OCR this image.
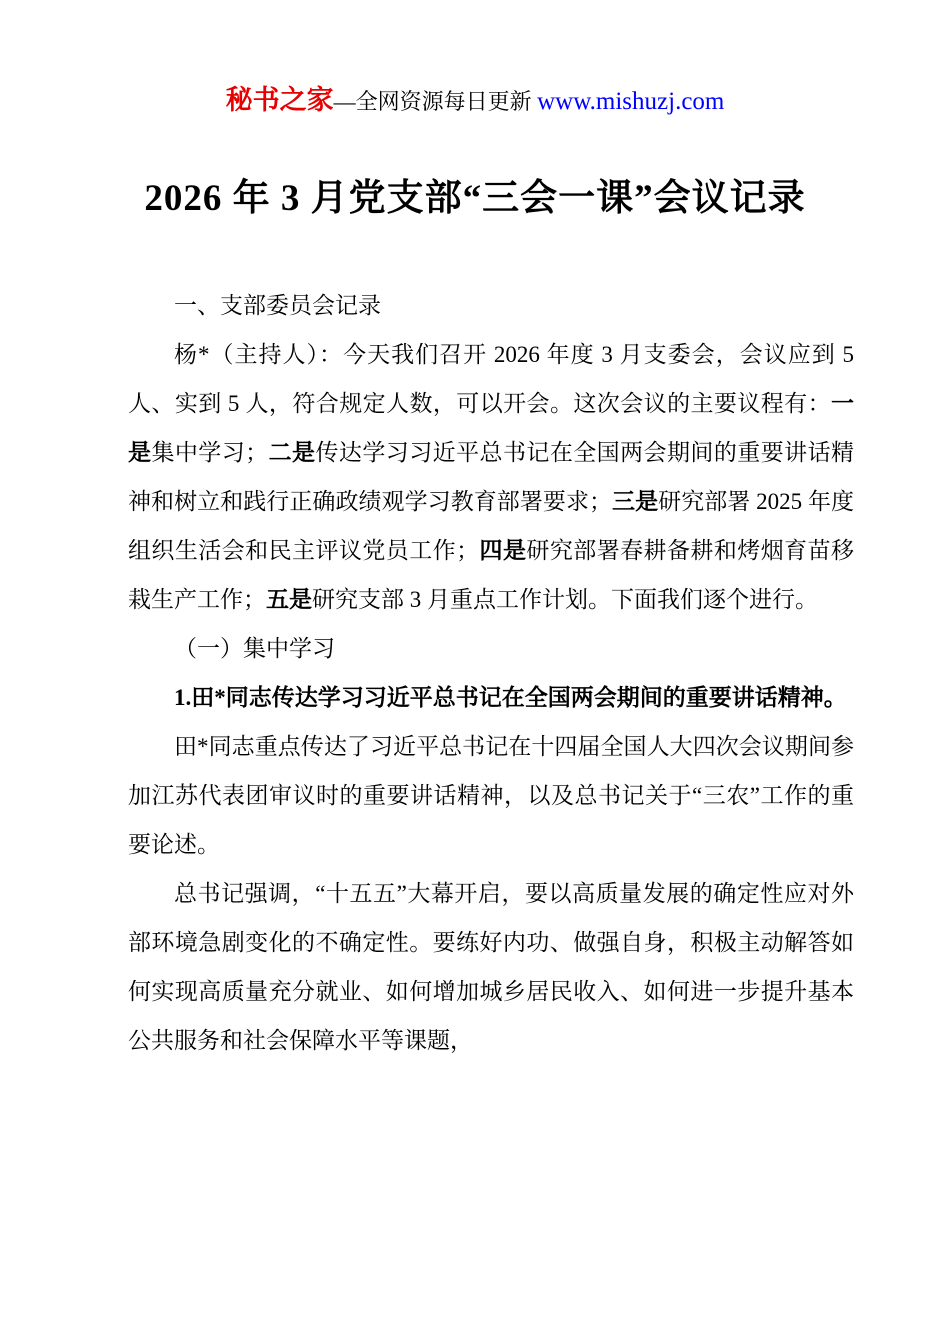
秘书之家—全网资源每日更新 www.mishuzj.com
2026 年 3 月党支部“三会一课”会议记录

一、支部委员会记录

杨*（主持人）：今天我们召开 2026 年度 3 月支委会，会议应到 5 人、实到 5 人，符合规定人数，可以开会。这次会议的主要议程有：一是集中学习；二是传达学习习近平总书记在全国两会期间的重要讲话精神和树立和践行正确政绩观学习教育部署要求；三是研究部署 2025 年度组织生活会和民主评议党员工作；四是研究部署春耕备耕和烤烟育苗移栽生产工作；五是研究支部 3 月重点工作计划。下面我们逐个进行。

（一）集中学习

1.田*同志传达学习习近平总书记在全国两会期间的重要讲话精神。

田*同志重点传达了习近平总书记在十四届全国人大四次会议期间参加江苏代表团审议时的重要讲话精神，以及总书记关于“三农”工作的重要论述。

总书记强调，“十五五”大幕开启，要以高质量发展的确定性应对外部环境急剧变化的不确定性。要练好内功、做强自身，积极主动解答如何实现高质量充分就业、如何增加城乡居民收入、如何进一步提升基本公共服务和社会保障水平等课题，
